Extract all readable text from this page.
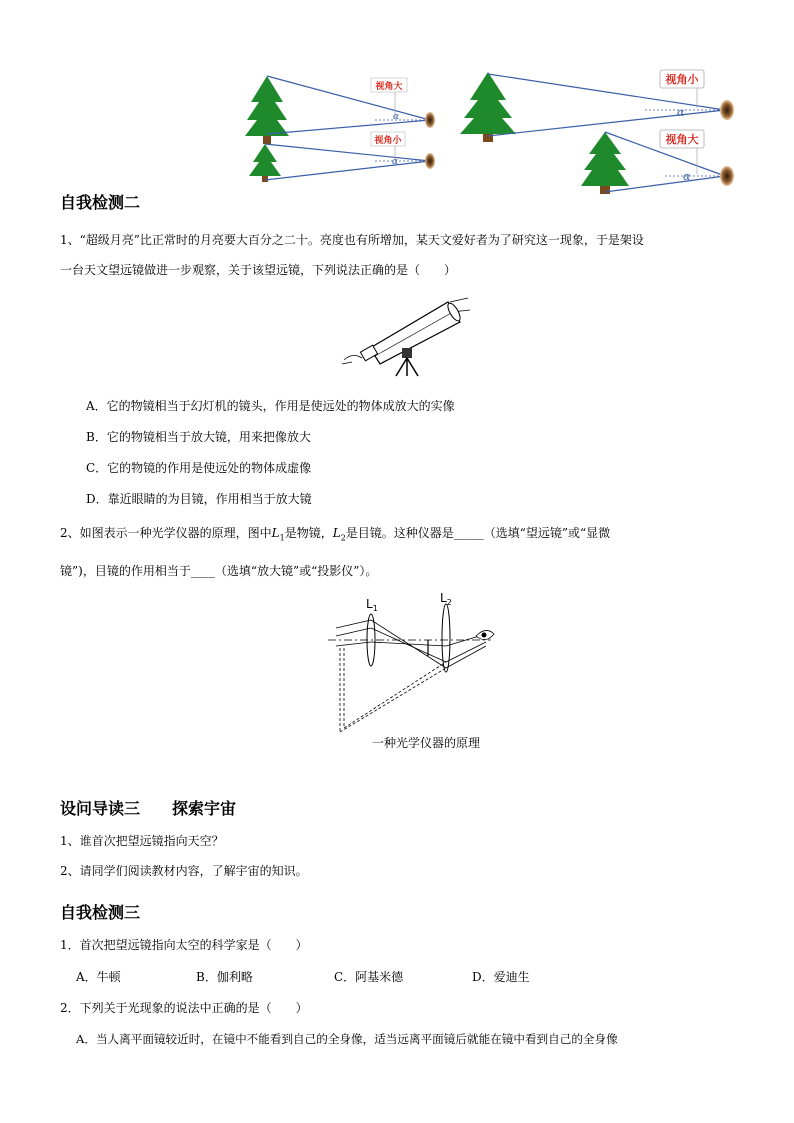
视角大
α
视角小
α
视角小
α
视角大
α
自我检测二
1、“超级月亮”比正常时的月亮要大百分之二十。亮度也有所增加，某天文爱好者为了研究这一现象，于是架设
一台天文望远镜做进一步观察，关于该望远镜，下列说法正确的是（　　）
A．它的物镜相当于幻灯机的镜头，作用是使远处的物体成放大的实像
B．它的物镜相当于放大镜，用来把像放大
C．它的物镜的作用是使远处的物体成虚像
D．靠近眼睛的为目镜，作用相当于放大镜
2、如图表示一种光学仪器的原理，图中$L_1$是物镜，$L_2$是目镜。这种仪器是_____（选填“望远镜”或“显微
镜”)，目镜的作用相当于____（选填“放大镜”或“投影仪”）。
$L_1$
$L_2$
一种光学仪器的原理
设问导读三　　探索宇宙
1、谁首次把望远镜指向天空？
2、请同学们阅读教材内容，了解宇宙的知识。
自我检测三
1．首次把望远镜指向太空的科学家是（　　）
A．牛顿	B．伽利略	C．阿基米德	D．爱迪生
2．下列关于光现象的说法中正确的是（　　）
A．当人离平面镜较近时，在镜中不能看到自己的全身像，适当远离平面镜后就能在镜中看到自己的全身像
